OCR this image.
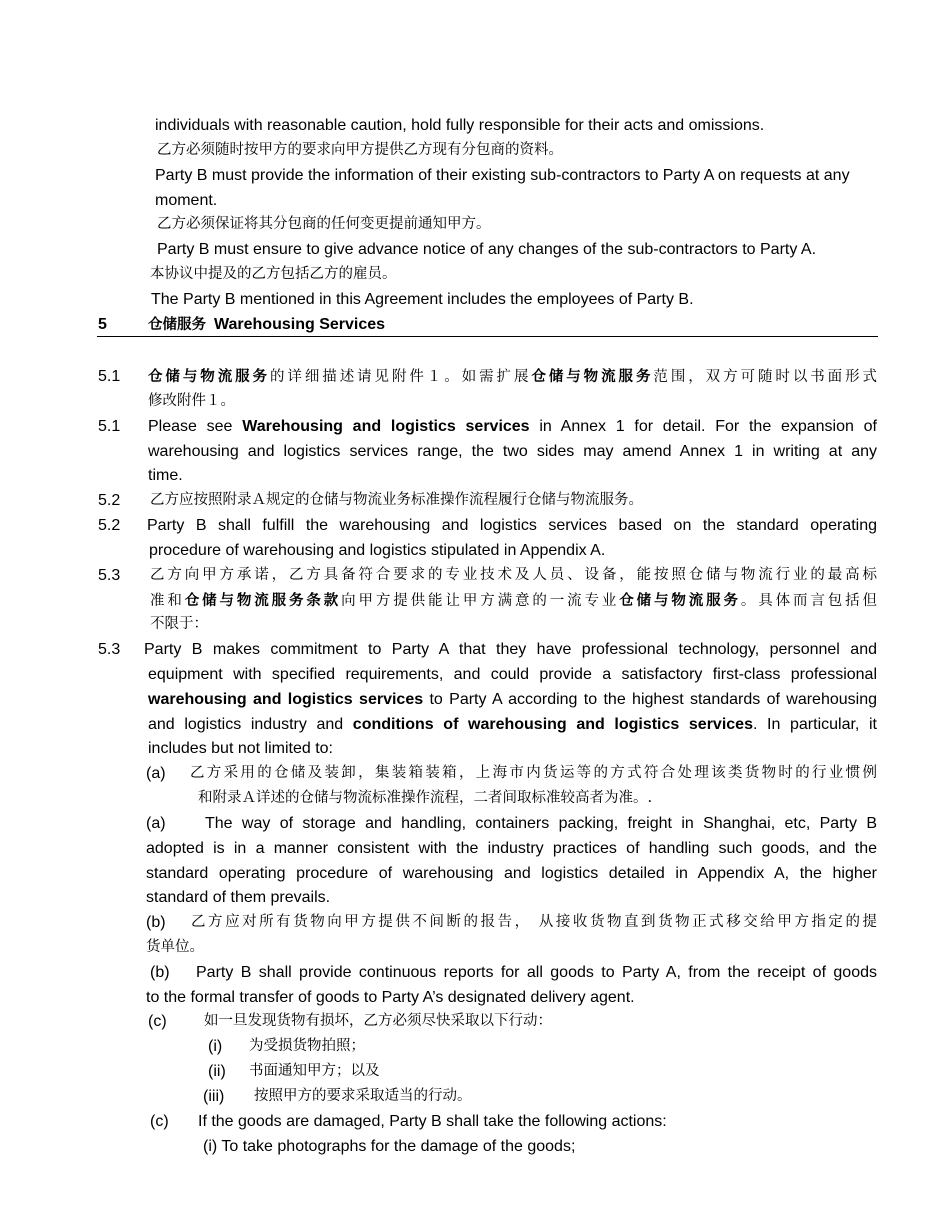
individuals with reasonable caution, hold fully responsible for their acts and omissions.
乙方必须随时按甲方的要求向甲方提供乙方现有分包商的资料。
Party B must provide the information of their existing sub-contractors to Party A on requests at any
moment.
乙方必须保证将其分包商的任何变更提前通知甲方。
Party B must ensure to give advance notice of any changes of the sub-contractors to Party A.
本协议中提及的乙方包括乙方的雇员。
The Party B mentioned in this Agreement includes the employees of Party B.
5	仓储服务 Warehousing Services
5.1 仓储与物流服务的详细描述请见附件１。如需扩展仓储与物流服务范围，双方可随时以书面形式
修改附件１。
5.1 Please see Warehousing and logistics services in Annex 1 for detail. For the expansion of
warehousing and logistics services range, the two sides may amend Annex 1 in writing at any
time.
5.2 乙方应按照附录Ａ规定的仓储与物流业务标准操作流程履行仓储与物流服务。
5.2 Party B shall fulfill the warehousing and logistics services based on the standard operating
procedure of warehousing and logistics stipulated in Appendix A.
5.3 乙方向甲方承诺，乙方具备符合要求的专业技术及人员、设备，能按照仓储与物流行业的最高标
准和仓储与物流服务条款向甲方提供能让甲方满意的一流专业仓储与物流服务。具体而言包括但
不限于：
5.3 Party B makes commitment to Party A that they have professional technology, personnel and
equipment with specified requirements, and could provide a satisfactory first-class professional
warehousing and logistics services to Party A according to the highest standards of warehousing
and logistics industry and conditions of warehousing and logistics services. In particular, it
includes but not limited to:
(a) 乙方采用的仓储及装卸，集装箱装箱，上海市内货运等的方式符合处理该类货物时的行业惯例
和附录Ａ详述的仓储与物流标准操作流程，二者间取标准较高者为准。.
(a) The way of storage and handling, containers packing, freight in Shanghai, etc, Party B
adopted is in a manner consistent with the industry practices of handling such goods, and the
standard operating procedure of warehousing and logistics detailed in Appendix A, the higher
standard of them prevails.
(b) 乙方应对所有货物向甲方提供不间断的报告， 从接收货物直到货物正式移交给甲方指定的提
货单位。
(b) Party B shall provide continuous reports for all goods to Party A, from the receipt of goods
to the formal transfer of goods to Party A’s designated delivery agent.
(c)	如一旦发现货物有损坏，乙方必须尽快采取以下行动：
(i) 为受损货物拍照；
(ii) 书面通知甲方；以及
(iii) 按照甲方的要求采取适当的行动。
(c) If the goods are damaged, Party B shall take the following actions:
(i) To take photographs for the damage of the goods;
